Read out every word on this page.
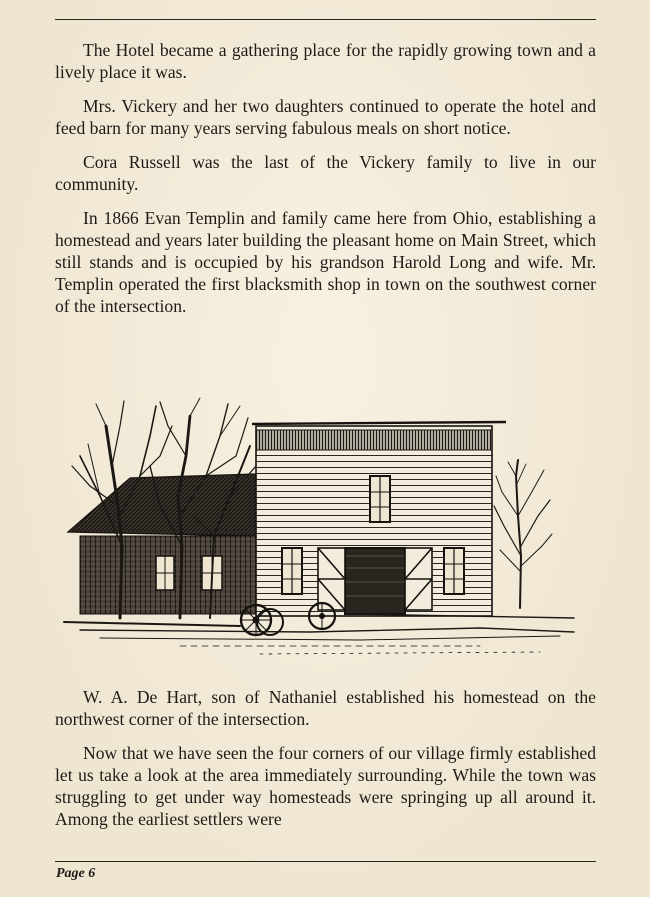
The Hotel became a gathering place for the rapidly growing town and a lively place it was.

Mrs. Vickery and her two daughters continued to operate the hotel and feed barn for many years serving fabulous meals on short notice.

Cora Russell was the last of the Vickery family to live in our community.

In 1866 Evan Templin and family came here from Ohio, establishing a homestead and years later building the pleasant home on Main Street, which still stands and is occupied by his grandson Harold Long and wife. Mr. Templin operated the first blacksmith shop in town on the southwest corner of the intersection.

W. A. De Hart, son of Nathaniel established his homestead on the northwest corner of the intersection.

Now that we have seen the four corners of our village firmly established let us take a look at the area immediately surrounding. While the town was struggling to get under way homesteads were springing up all around it. Among the earliest settlers were

Page 6
